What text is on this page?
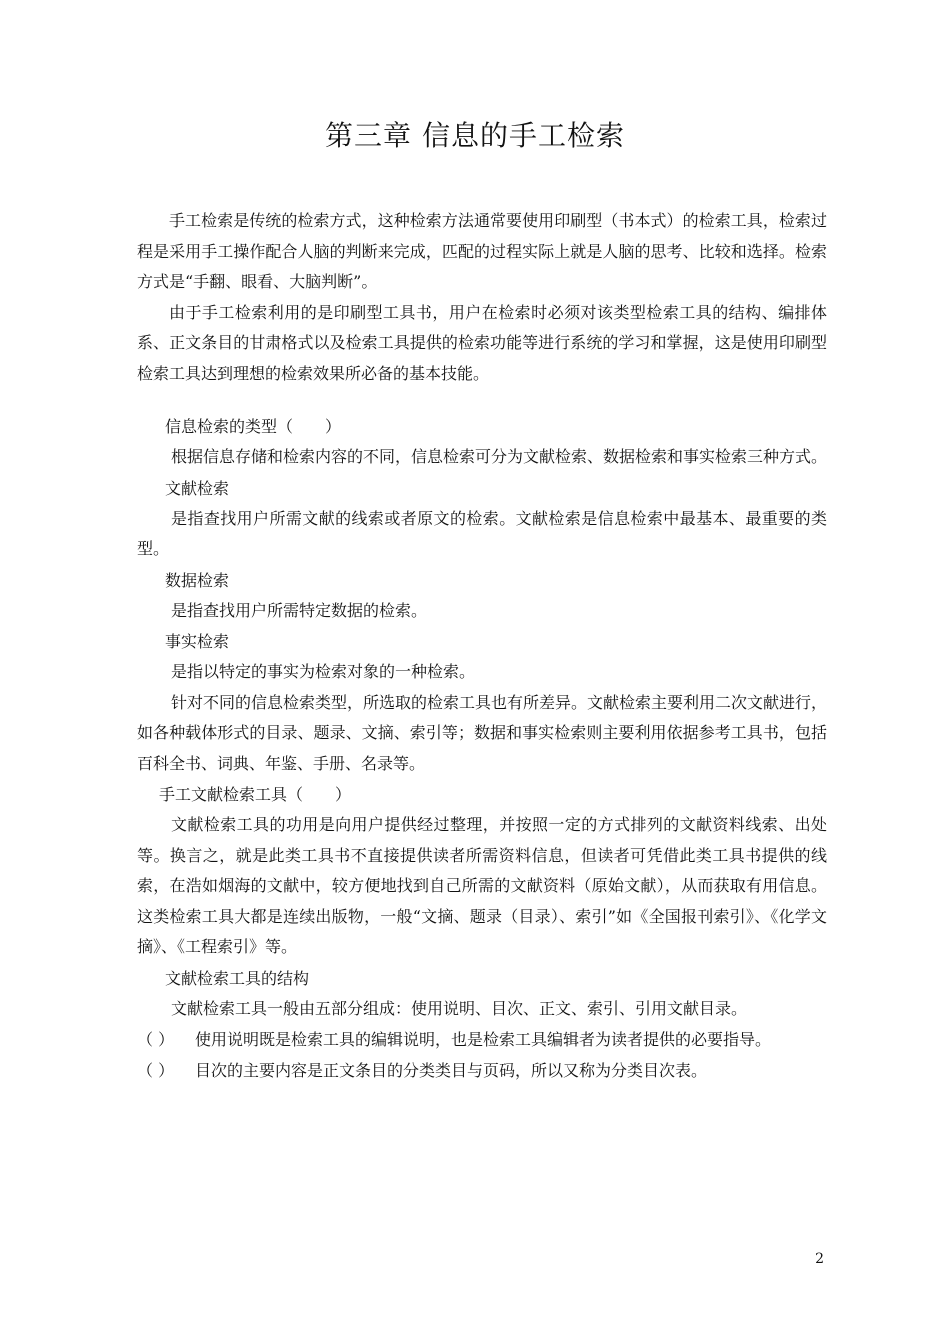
第三章 信息的手工检索

手工检索是传统的检索方式，这种检索方法通常要使用印刷型（书本式）的检索工具，检索过程是采用手工操作配合人脑的判断来完成，匹配的过程实际上就是人脑的思考、比较和选择。检索方式是“手翻、眼看、大脑判断”。

由于手工检索利用的是印刷型工具书，用户在检索时必须对该类型检索工具的结构、编排体系、正文条目的甘肃格式以及检索工具提供的检索功能等进行系统的学习和掌握，这是使用印刷型检索工具达到理想的检索效果所必备的基本技能。

信息检索的类型（　　）

根据信息存储和检索内容的不同，信息检索可分为文献检索、数据检索和事实检索三种方式。

文献检索

是指查找用户所需文献的线索或者原文的检索。文献检索是信息检索中最基本、最重要的类型。

数据检索

是指查找用户所需特定数据的检索。

事实检索

是指以特定的事实为检索对象的一种检索。

针对不同的信息检索类型，所选取的检索工具也有所差异。文献检索主要利用二次文献进行，如各种载体形式的目录、题录、文摘、索引等；数据和事实检索则主要利用依据参考工具书，包括百科全书、词典、年鉴、手册、名录等。

手工文献检索工具（　　）

文献检索工具的功用是向用户提供经过整理，并按照一定的方式排列的文献资料线索、出处等。换言之，就是此类工具书不直接提供读者所需资料信息，但读者可凭借此类工具书提供的线索，在浩如烟海的文献中，较方便地找到自己所需的文献资料（原始文献），从而获取有用信息。这类检索工具大都是连续出版物，一般“文摘、题录（目录）、索引”如《全国报刊索引》、《化学文摘》、《工程索引》等。

文献检索工具的结构

文献检索工具一般由五部分组成：使用说明、目次、正文、索引、引用文献目录。

（ ）	使用说明既是检索工具的编辑说明，也是检索工具编辑者为读者提供的必要指导。
（ ）	目次的主要内容是正文条目的分类类目与页码，所以又称为分类目次表。
2
